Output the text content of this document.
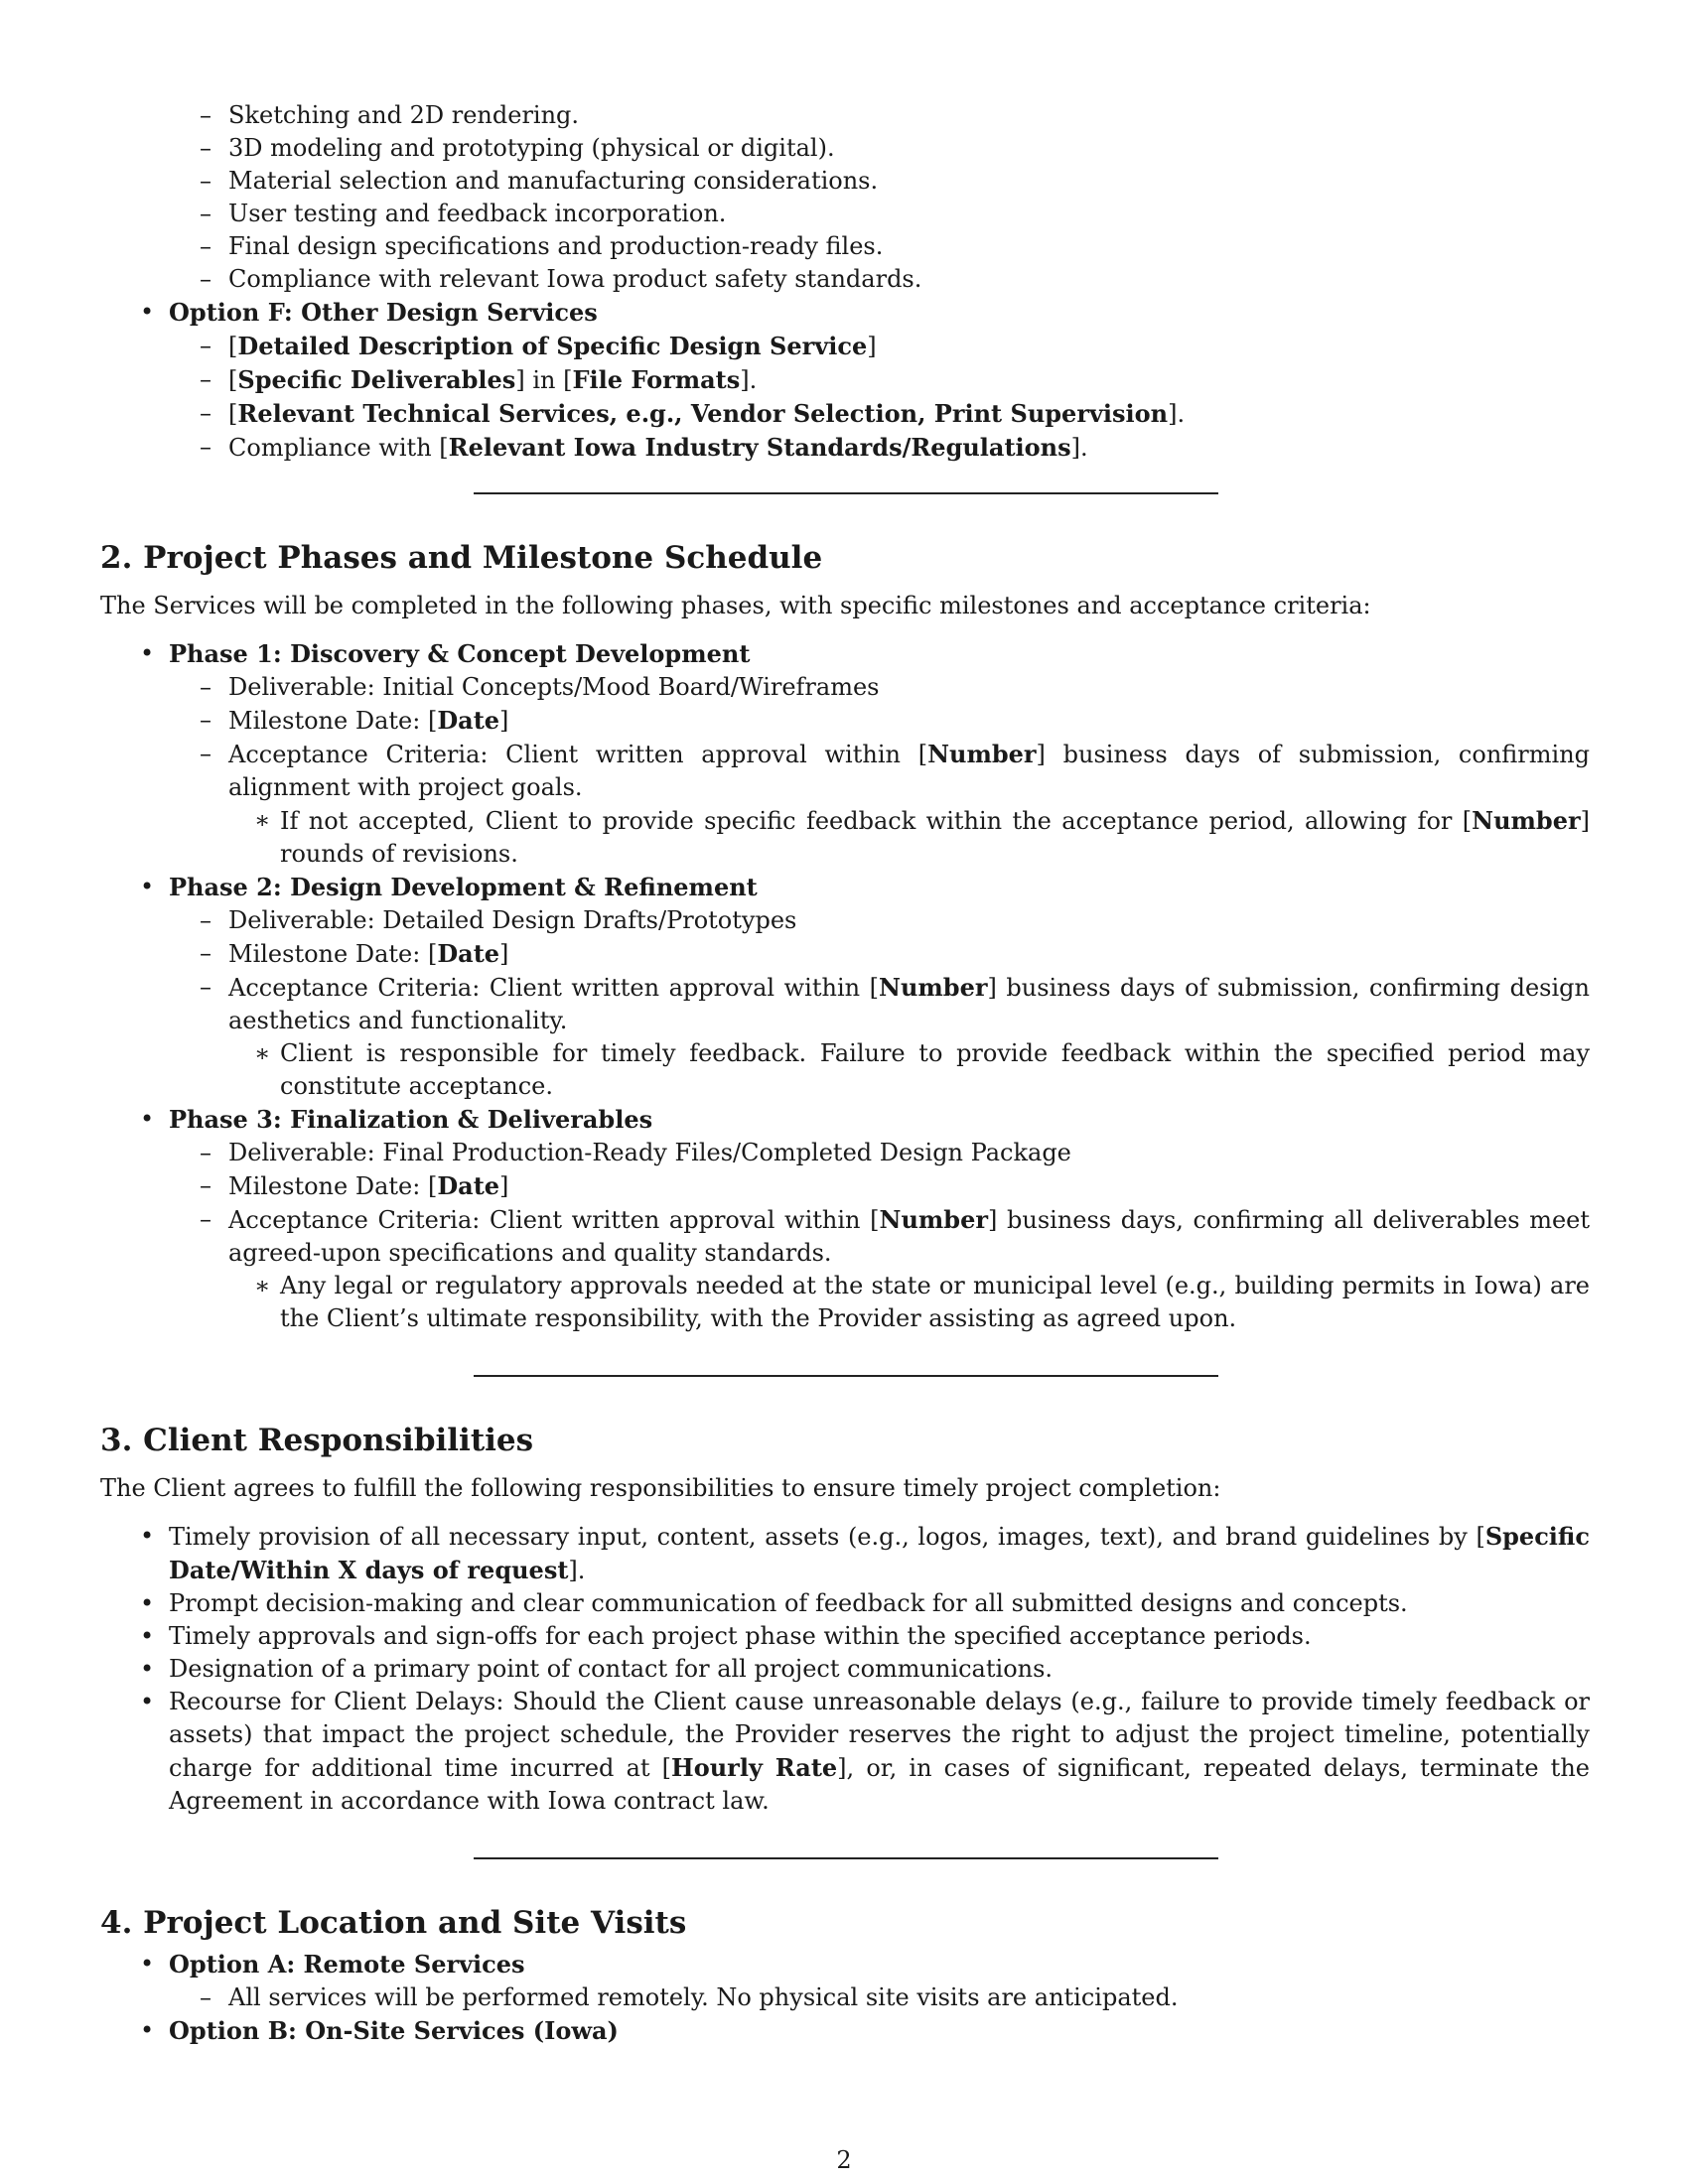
– Sketching and 2D rendering.
– 3D modeling and prototyping (physical or digital).
– Material selection and manufacturing considerations.
– User testing and feedback incorporation.
– Final design specifications and production-ready files.
– Compliance with relevant Iowa product safety standards.
• Option F: Other Design Services
– [Detailed Description of Specific Design Service]
– [Specific Deliverables] in [File Formats].
– [Relevant Technical Services, e.g., Vendor Selection, Print Supervision].
– Compliance with [Relevant Iowa Industry Standards/Regulations].
2. Project Phases and Milestone Schedule

The Services will be completed in the following phases, with specific milestones and acceptance criteria:

• Phase 1: Discovery & Concept Development
– Deliverable: Initial Concepts/Mood Board/Wireframes
– Milestone Date: [Date]
– Acceptance Criteria: Client written approval within [Number] business days of submission, confirming alignment with project goals.
∗ If not accepted, Client to provide specific feedback within the acceptance period, allowing for [Number] rounds of revisions.
• Phase 2: Design Development & Refinement
– Deliverable: Detailed Design Drafts/Prototypes
– Milestone Date: [Date]
– Acceptance Criteria: Client written approval within [Number] business days of submission, confirming design aesthetics and functionality.
∗ Client is responsible for timely feedback. Failure to provide feedback within the specified period may constitute acceptance.
• Phase 3: Finalization & Deliverables
– Deliverable: Final Production-Ready Files/Completed Design Package
– Milestone Date: [Date]
– Acceptance Criteria: Client written approval within [Number] business days, confirming all deliverables meet agreed-upon specifications and quality standards.
∗ Any legal or regulatory approvals needed at the state or municipal level (e.g., building permits in Iowa) are the Client’s ultimate responsibility, with the Provider assisting as agreed upon.
3. Client Responsibilities

The Client agrees to fulfill the following responsibilities to ensure timely project completion:

• Timely provision of all necessary input, content, assets (e.g., logos, images, text), and brand guidelines by [Specific Date/Within X days of request].
• Prompt decision-making and clear communication of feedback for all submitted designs and concepts.
• Timely approvals and sign-offs for each project phase within the specified acceptance periods.
• Designation of a primary point of contact for all project communications.
• Recourse for Client Delays: Should the Client cause unreasonable delays (e.g., failure to provide timely feedback or assets) that impact the project schedule, the Provider reserves the right to adjust the project timeline, potentially charge for additional time incurred at [Hourly Rate], or, in cases of significant, repeated delays, terminate the Agreement in accordance with Iowa contract law.
4. Project Location and Site Visits
• Option A: Remote Services
– All services will be performed remotely. No physical site visits are anticipated.
• Option B: On-Site Services (Iowa)
2
